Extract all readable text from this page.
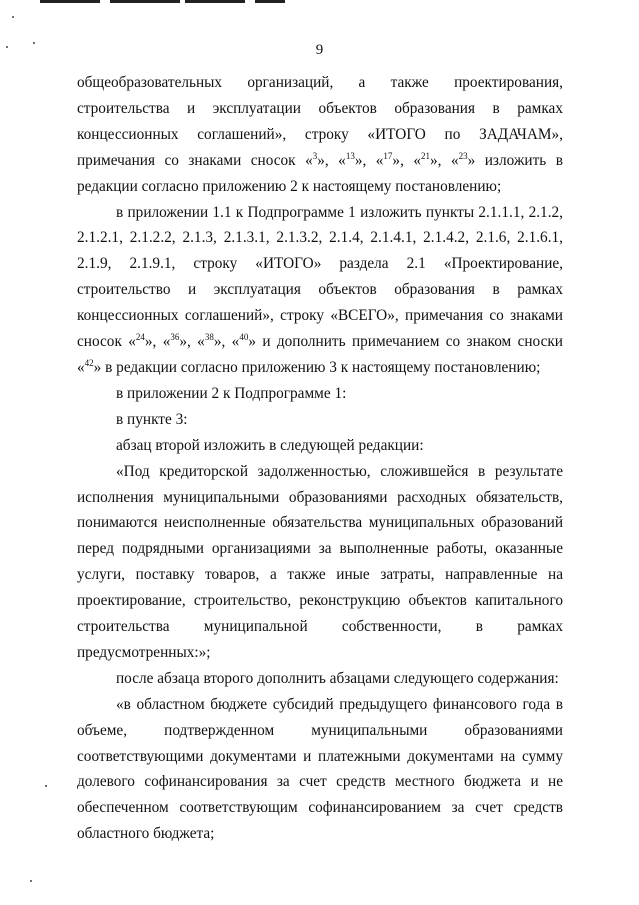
9

общеобразовательных организаций, а также проектирования, строительства и эксплуатации объектов образования в рамках концессионных соглашений», строку «ИТОГО по ЗАДАЧАМ», примечания со знаками сносок «$^3$», «$^{13}$», «$^{17}$», «$^{21}$», «$^{23}$» изложить в редакции согласно приложению 2 к настоящему постановлению;

в приложении 1.1 к Подпрограмме 1 изложить пункты 2.1.1.1, 2.1.2, 2.1.2.1, 2.1.2.2, 2.1.3, 2.1.3.1, 2.1.3.2, 2.1.4, 2.1.4.1, 2.1.4.2, 2.1.6, 2.1.6.1, 2.1.9, 2.1.9.1, строку «ИТОГО» раздела 2.1 «Проектирование, строительство и эксплуатация объектов образования в рамках концессионных соглашений», строку «ВСЕГО», примечания со знаками сносок «$^{24}$», «$^{36}$», «$^{38}$», «$^{40}$» и дополнить примечанием со знаком сноски «$^{42}$» в редакции согласно приложению 3 к настоящему постановлению;

в приложении 2 к Подпрограмме 1:

в пункте 3:

абзац второй изложить в следующей редакции:

«Под кредиторской задолженностью, сложившейся в результате исполнения муниципальными образованиями расходных обязательств, понимаются неисполненные обязательства муниципальных образований перед подрядными организациями за выполненные работы, оказанные услуги, поставку товаров, а также иные затраты, направленные на проектирование, строительство, реконструкцию объектов капитального строительства муниципальной собственности, в рамках предусмотренных:»;

после абзаца второго дополнить абзацами следующего содержания:

«в областном бюджете субсидий предыдущего финансового года в объеме, подтвержденном муниципальными образованиями соответствующими документами и платежными документами на сумму долевого софинансирования за счет средств местного бюджета и не обеспеченном соответствующим софинансированием за счет средств областного бюджета;
